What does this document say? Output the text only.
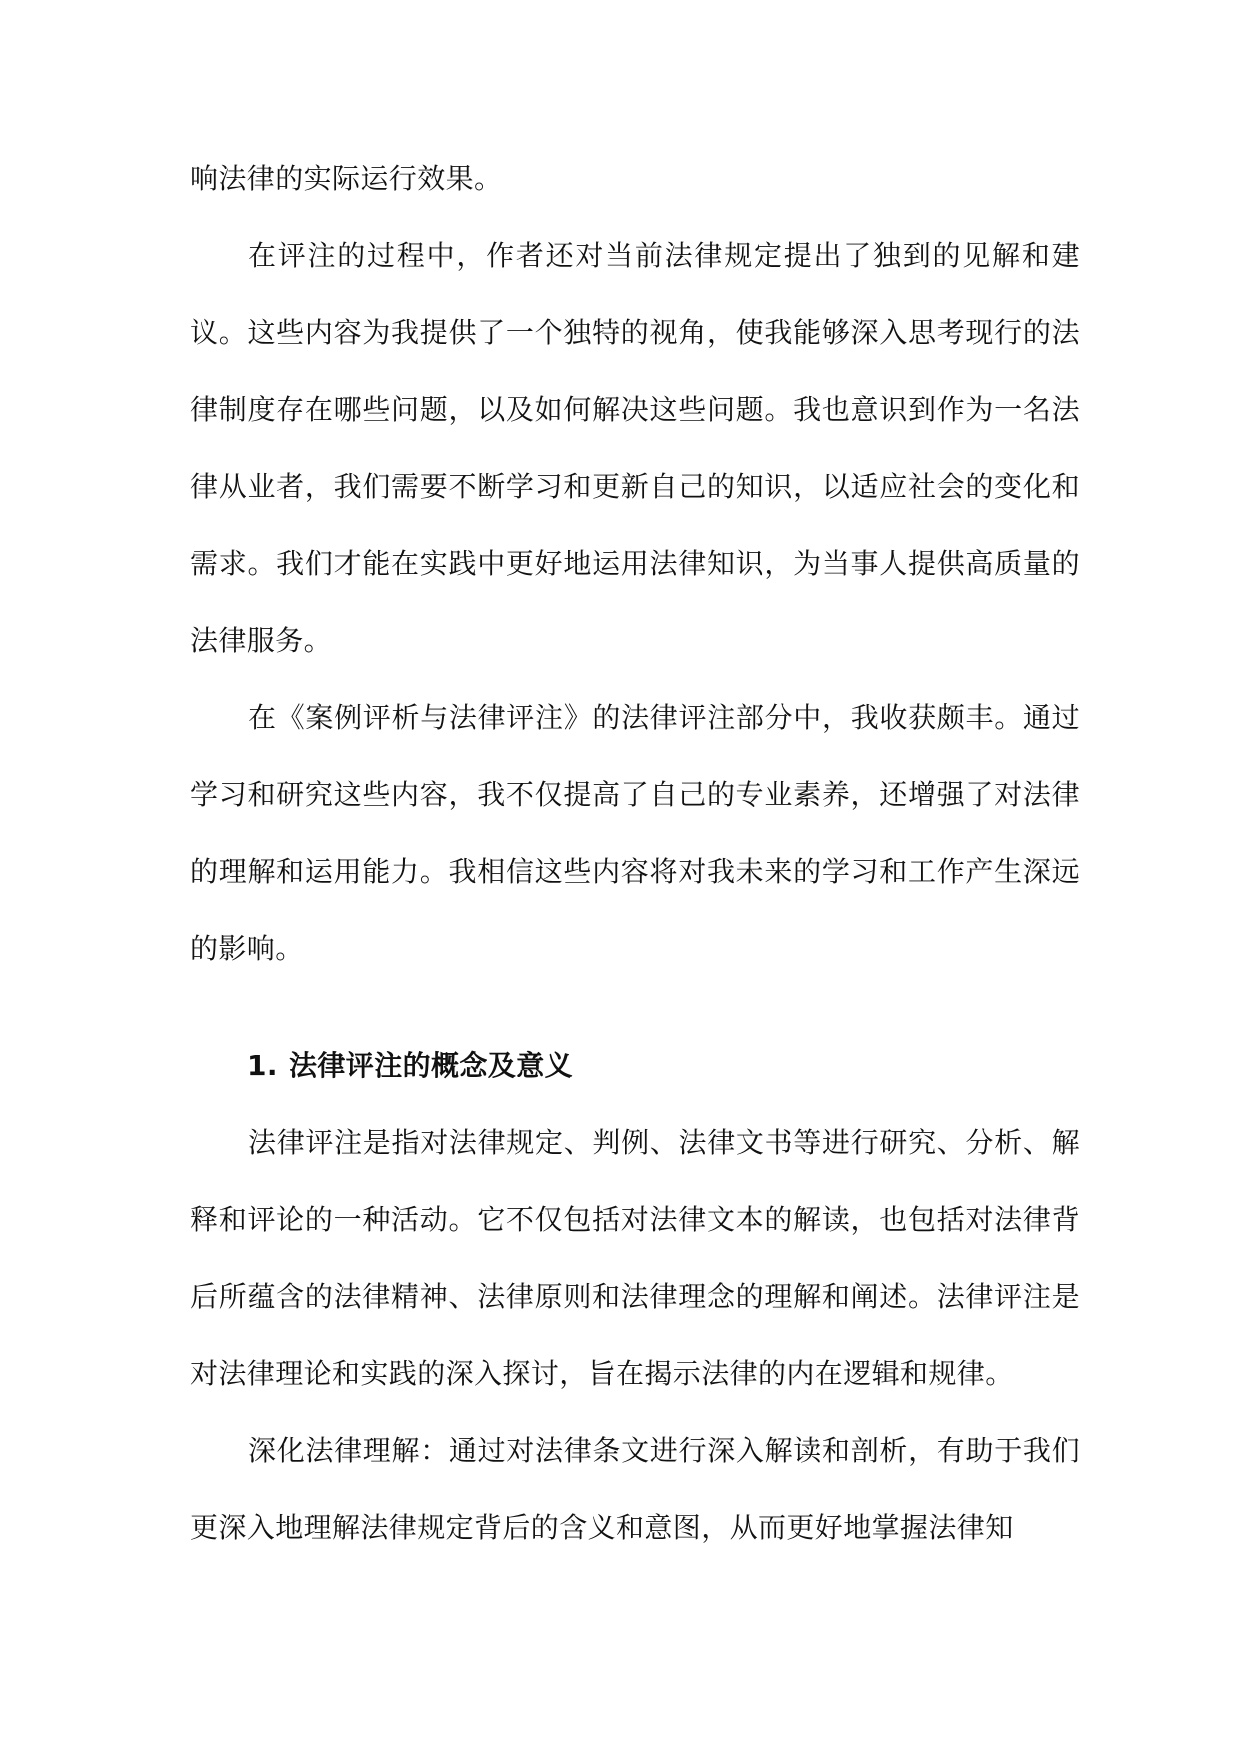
响法律的实际运行效果。

在评注的过程中，作者还对当前法律规定提出了独到的见解和建议。这些内容为我提供了一个独特的视角，使我能够深入思考现行的法律制度存在哪些问题，以及如何解决这些问题。我也意识到作为一名法律从业者，我们需要不断学习和更新自己的知识，以适应社会的变化和需求。我们才能在实践中更好地运用法律知识，为当事人提供高质量的法律服务。

在《案例评析与法律评注》的法律评注部分中，我收获颇丰。通过学习和研究这些内容，我不仅提高了自己的专业素养，还增强了对法律的理解和运用能力。我相信这些内容将对我未来的学习和工作产生深远的影响。

1. 法律评注的概念及意义

法律评注是指对法律规定、判例、法律文书等进行研究、分析、解释和评论的一种活动。它不仅包括对法律文本的解读，也包括对法律背后所蕴含的法律精神、法律原则和法律理念的理解和阐述。法律评注是对法律理论和实践的深入探讨，旨在揭示法律的内在逻辑和规律。

深化法律理解：通过对法律条文进行深入解读和剖析，有助于我们更深入地理解法律规定背后的含义和意图，从而更好地掌握法律知
